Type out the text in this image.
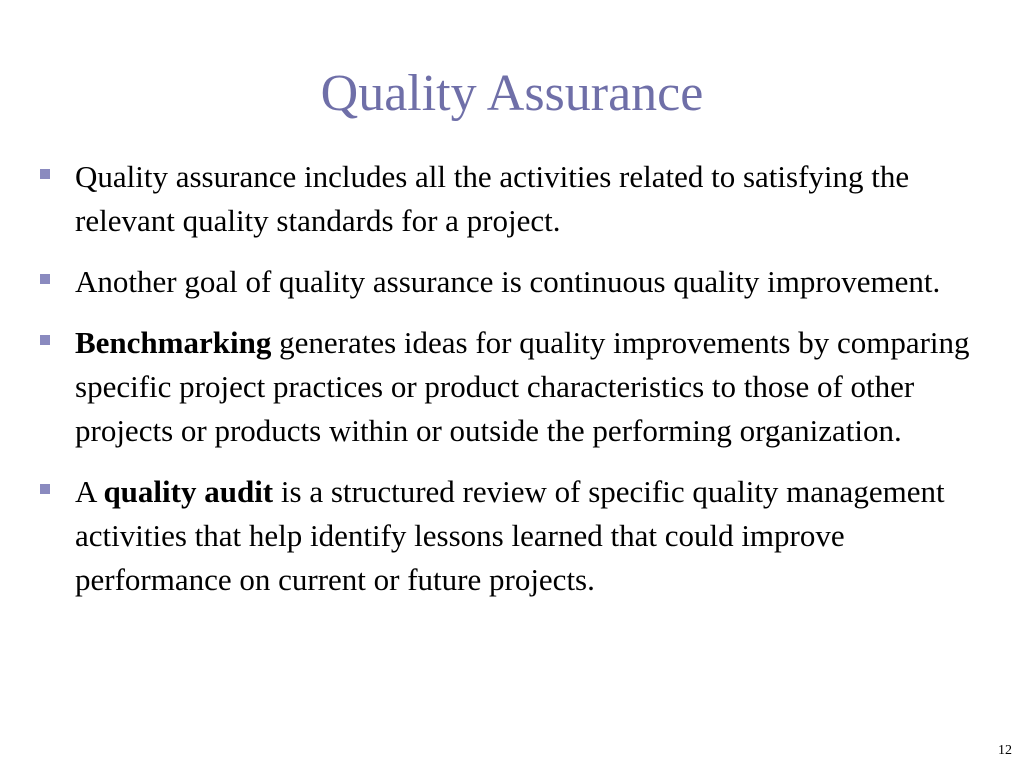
Quality Assurance
Quality assurance includes all the activities related to satisfying the relevant quality standards for a project.
Another goal of quality assurance is continuous quality improvement.
Benchmarking generates ideas for quality improvements by comparing specific project practices or product characteristics to those of other projects or products within or outside the performing organization.
A quality audit is a structured review of specific quality management activities that help identify lessons learned that could improve performance on current or future projects.
12
